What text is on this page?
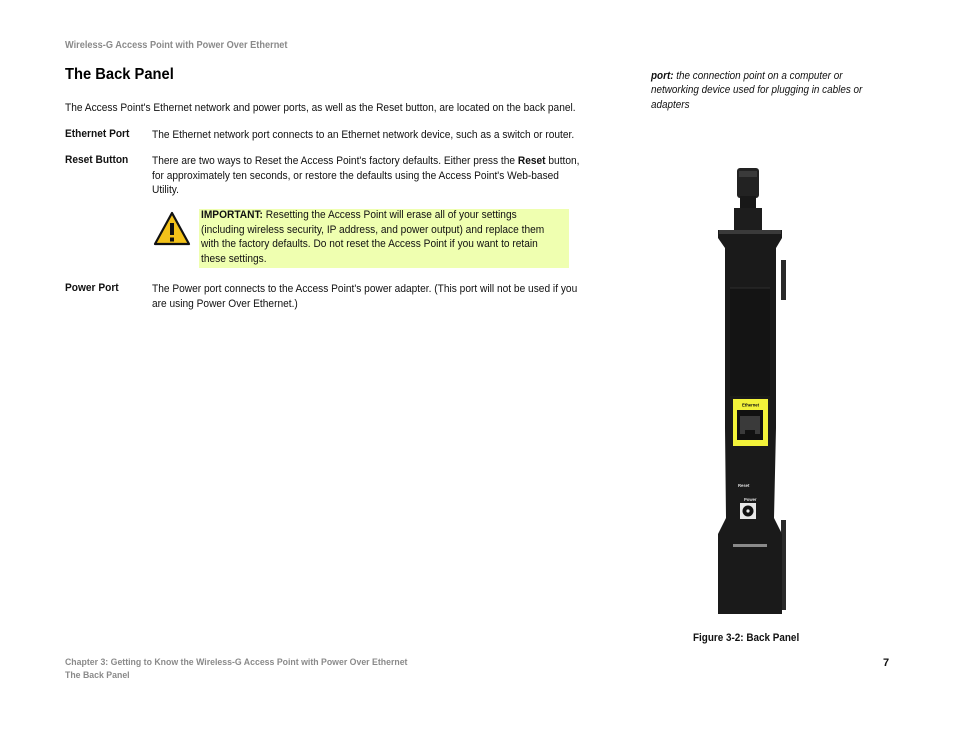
Wireless-G Access Point with Power Over Ethernet
The Back Panel
The Access Point's Ethernet network and power ports, as well as the Reset button, are located on the back panel.
Ethernet Port The Ethernet network port connects to an Ethernet network device, such as a switch or router.
Reset Button There are two ways to Reset the Access Point's factory defaults. Either press the Reset button, for approximately ten seconds, or restore the defaults using the Access Point's Web-based Utility.
IMPORTANT: Resetting the Access Point will erase all of your settings (including wireless security, IP address, and power output) and replace them with the factory defaults. Do not reset the Access Point if you want to retain these settings.
Power Port	The Power port connects to the Access Point's power adapter. (This port will not be used if you are using Power Over Ethernet.)
port: the connection point on a computer or networking device used for plugging in cables or adapters
Ethernet
Reset
Power
Figure 3-2: Back Panel
Chapter 3: Getting to Know the Wireless-G Access Point with Power Over Ethernet
The Back Panel
7
